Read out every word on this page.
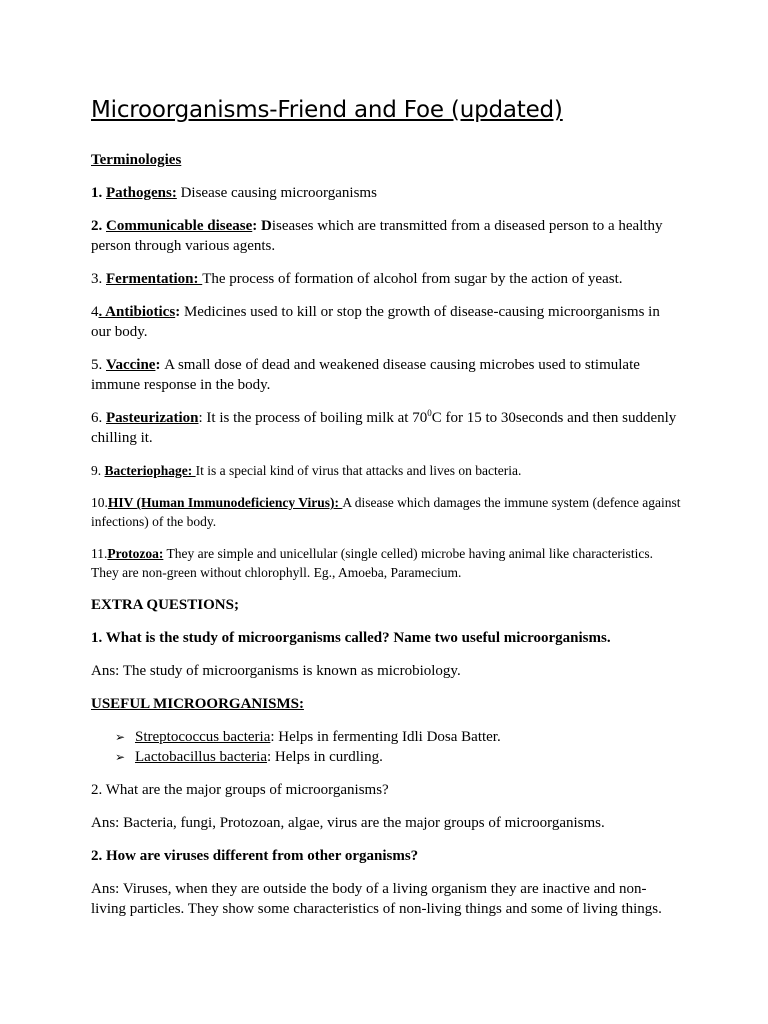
Microorganisms-Friend and Foe (updated)

Terminologies

1. Pathogens: Disease causing microorganisms

2. Communicable disease: Diseases which are transmitted from a diseased person to a healthy person through various agents.

3. Fermentation: The process of formation of alcohol from sugar by the action of yeast.

4. Antibiotics: Medicines used to kill or stop the growth of disease-causing microorganisms in our body.

5. Vaccine: A small dose of dead and weakened disease causing microbes used to stimulate immune response in the body.

6. Pasteurization: It is the process of boiling milk at $70^0C$ for 15 to 30seconds and then suddenly chilling it.

9. Bacteriophage: It is a special kind of virus that attacks and lives on bacteria.

10.HIV (Human Immunodeficiency Virus): A disease which damages the immune system (defence against infections) of the body.

11.Protozoa: They are simple and unicellular (single celled) microbe having animal like characteristics. They are non-green without chlorophyll. Eg., Amoeba, Paramecium.

EXTRA QUESTIONS;

1. What is the study of microorganisms called? Name two useful microorganisms.

Ans: The study of microorganisms is known as microbiology.

USEFUL MICROORGANISMS:

➢ Streptococcus bacteria: Helps in fermenting Idli Dosa Batter.
➢ Lactobacillus bacteria: Helps in curdling.

2. What are the major groups of microorganisms?

Ans: Bacteria, fungi, Protozoan, algae, virus are the major groups of microorganisms.

2. How are viruses different from other organisms?

Ans: Viruses, when they are outside the body of a living organism they are inactive and non-living particles. They show some characteristics of non-living things and some of living things.
